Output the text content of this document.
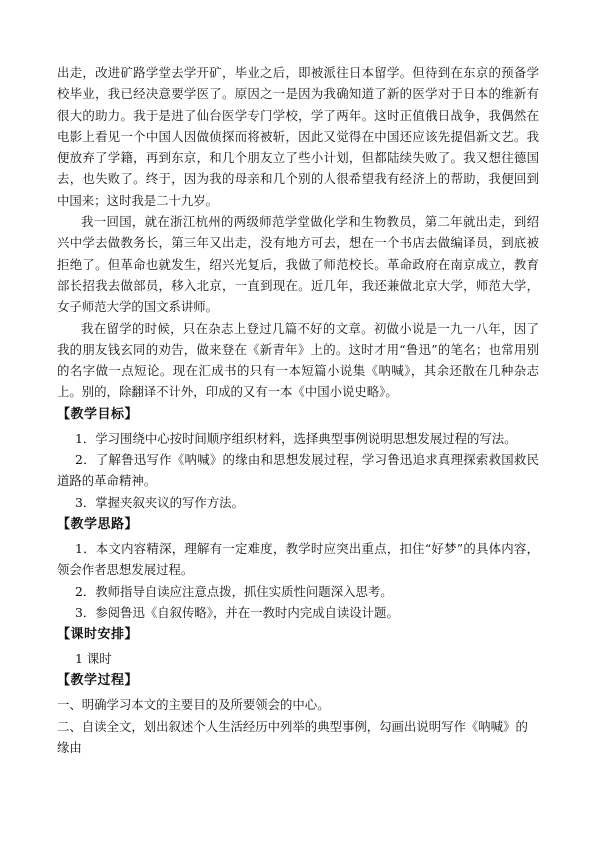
出走，改进矿路学堂去学开矿，毕业之后，即被派往日本留学。但待到在东京的预备学校毕业，我已经决意要学医了。原因之一是因为我确知道了新的医学对于日本的维新有很大的助力。我于是进了仙台医学专门学校，学了两年。这时正值俄日战争，我偶然在电影上看见一个中国人因做侦探而将被斩，因此又觉得在中国还应该先提倡新文艺。我便放弃了学籍，再到东京，和几个朋友立了些小计划，但都陆续失败了。我又想往德国去，也失败了。终于，因为我的母亲和几个别的人很希望我有经济上的帮助，我便回到中国来；这时我是二十九岁。

我一回国，就在浙江杭州的两级师范学堂做化学和生物教员，第二年就出走，到绍兴中学去做教务长，第三年又出走，没有地方可去，想在一个书店去做编译员，到底被拒绝了。但革命也就发生，绍兴光复后，我做了师范校长。革命政府在南京成立，教育部长招我去做部员，移入北京，一直到现在。近几年，我还兼做北京大学，师范大学，女子师范大学的国文系讲师。

我在留学的时候，只在杂志上登过几篇不好的文章。初做小说是一九一八年，因了我的朋友钱玄同的劝告，做来登在《新青年》上的。这时才用“鲁迅”的笔名；也常用别的名字做一点短论。现在汇成书的只有一本短篇小说集《呐喊》，其余还散在几种杂志上。别的，除翻译不计外，印成的又有一本《中国小说史略》。

【教学目标】

1．学习围绕中心按时间顺序组织材料，选择典型事例说明思想发展过程的写法。

2．了解鲁迅写作《呐喊》的缘由和思想发展过程，学习鲁迅追求真理探索救国救民道路的革命精神。

3．掌握夹叙夹议的写作方法。

【教学思路】

1．本文内容精深，理解有一定难度，教学时应突出重点，扣住“好梦”的具体内容，领会作者思想发展过程。

2．教师指导自读应注意点拨，抓住实质性问题深入思考。

3．参阅鲁迅《自叙传略》，并在一教时内完成自读设计题。

【课时安排】

1 课时

【教学过程】

一、明确学习本文的主要目的及所要领会的中心。

二、自读全文，划出叙述个人生活经历中列举的典型事例，勾画出说明写作《呐喊》的缘由
